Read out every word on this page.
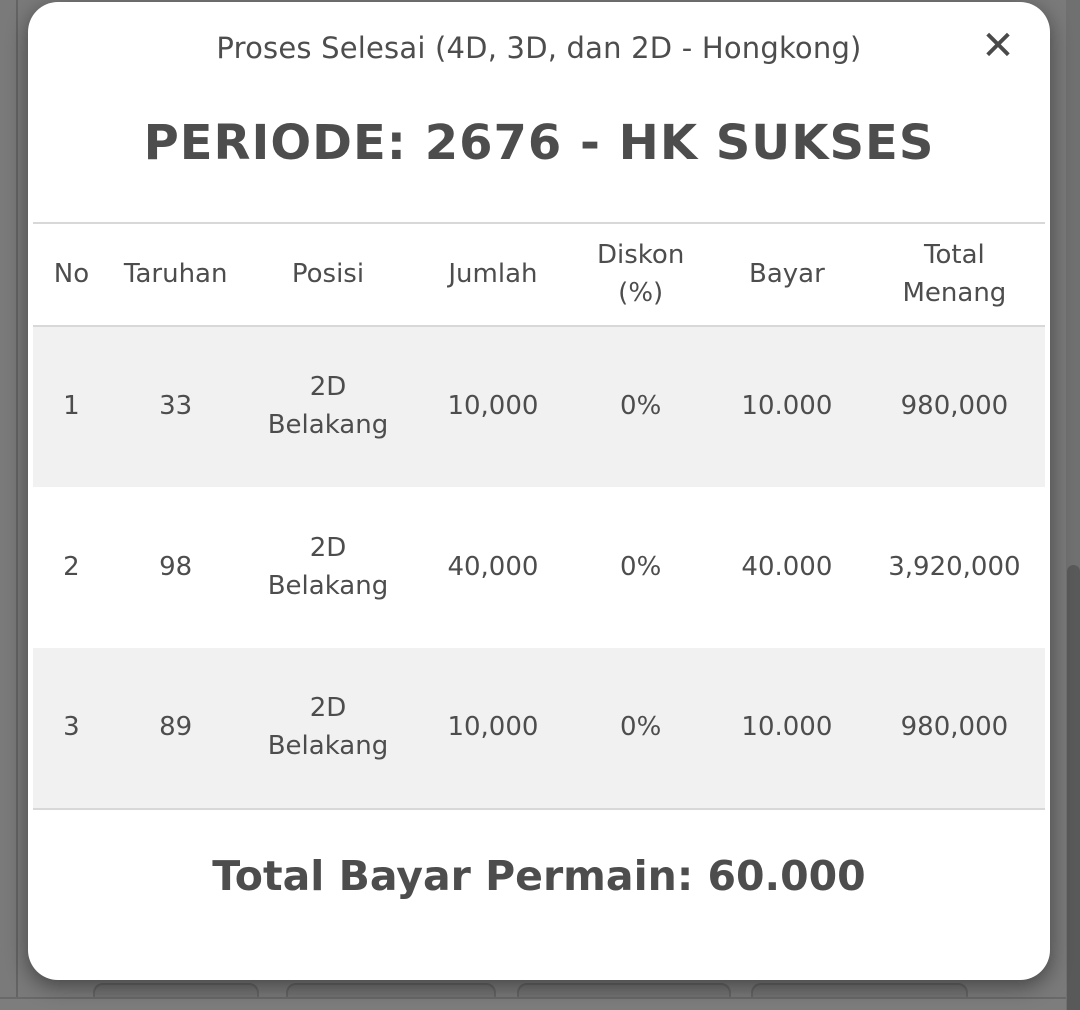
Proses Selesai (4D, 3D, dan 2D - Hongkong)	✕
PERIODE: 2676 - HK SUKSES
No	Taruhan	Posisi	Jumlah	Diskon (%)	Bayar	Total Menang
1	33	2D Belakang	10,000	0%	10.000	980,000
2	98	2D Belakang	40,000	0%	40.000	3,920,000
3	89	2D Belakang	10,000	0%	10.000	980,000
Total Bayar Permain: 60.000
